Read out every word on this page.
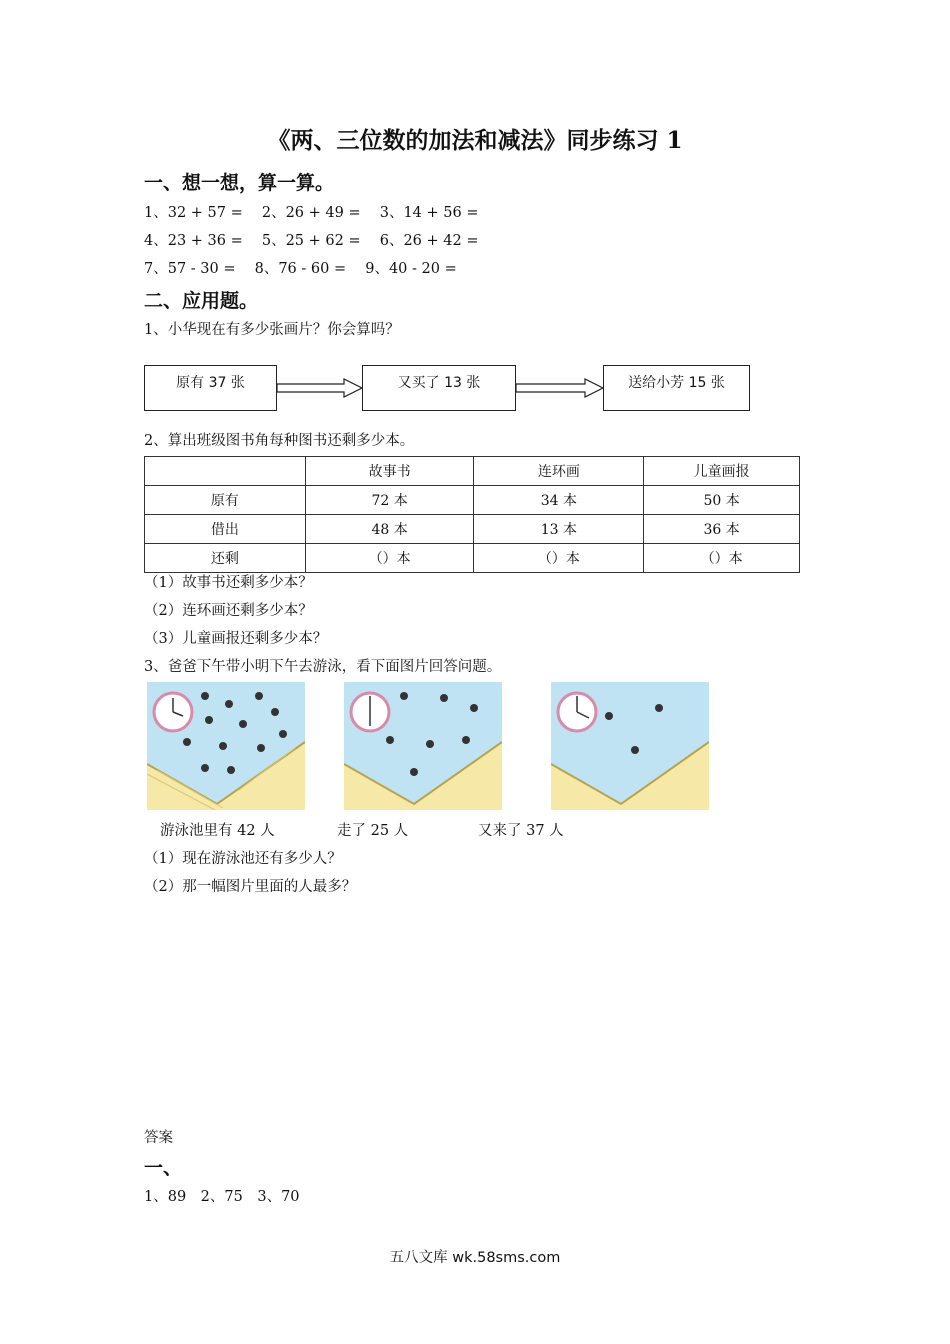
《两、三位数的加法和减法》同步练习 1
一、想一想，算一算。
1、32 + 57 =　 2、26 + 49 =　 3、14 + 56 =
4、23 + 36 =　 5、25 + 62 =　 6、26 + 42 =
7、57 - 30 =　 8、76 - 60 =　 9、40 - 20 =
二、应用题。
1、小华现在有多少张画片？你会算吗？
原有 37 张	又买了 13 张	送给小芳 15 张
2、算出班级图书角每种图书还剩多少本。
	故事书	连环画	儿童画报
原有	72 本	34 本	50 本
借出	48 本	13 本	36 本
还剩	（）本	（）本	（）本
（1）故事书还剩多少本？
（2）连环画还剩多少本？
（3）儿童画报还剩多少本？
3、爸爸下午带小明下午去游泳，看下面图片回答问题。
游泳池里有 42 人	走了 25 人	又来了 37 人
（1）现在游泳池还有多少人？
（2）那一幅图片里面的人最多？
答案
一、
1、89　2、75　3、70
五八文库 wk.58sms.com
